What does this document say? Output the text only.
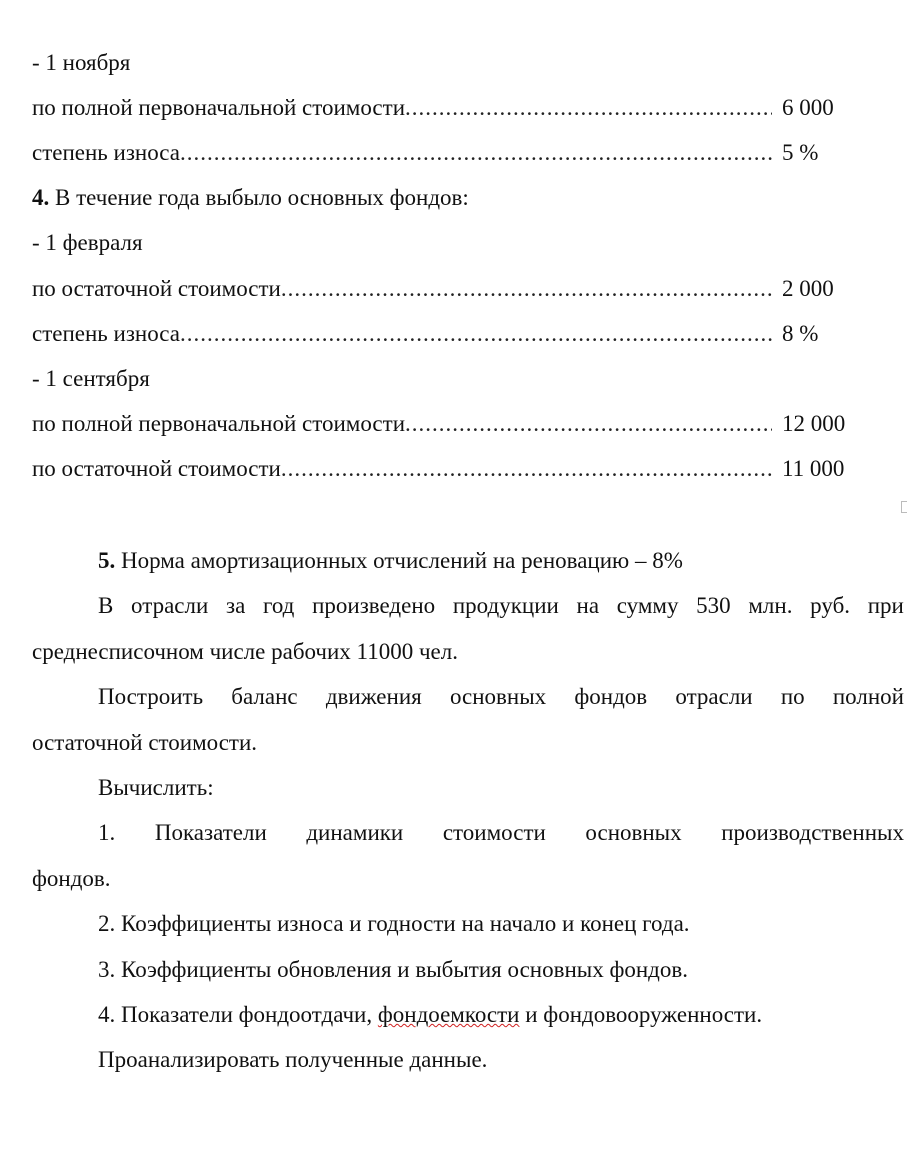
- 1 ноября
по полной первоначальной стоимости .....	6 000
степень износа .....	5 %
4. В течение года выбыло основных фондов:
- 1 февраля
по остаточной стоимости .....	2 000
степень износа .....	8 %
- 1 сентября
по полной первоначальной стоимости .....	12 000
по остаточной стоимости .....	11 000
5. Норма амортизационных отчислений на реновацию – 8%
В отрасли за год произведено продукции на сумму 530 млн. руб. при
среднесписочном числе рабочих 11000 чел.
Построить баланс движения основных фондов отрасли по полной
остаточной стоимости.
Вычислить:
1. Показатели динамики стоимости основных производственных
фондов.
2. Коэффициенты износа и годности на начало и конец года.
3. Коэффициенты обновления и выбытия основных фондов.
4. Показатели фондоотдачи, фондоемкости и фондовооруженности.
Проанализировать полученные данные.
